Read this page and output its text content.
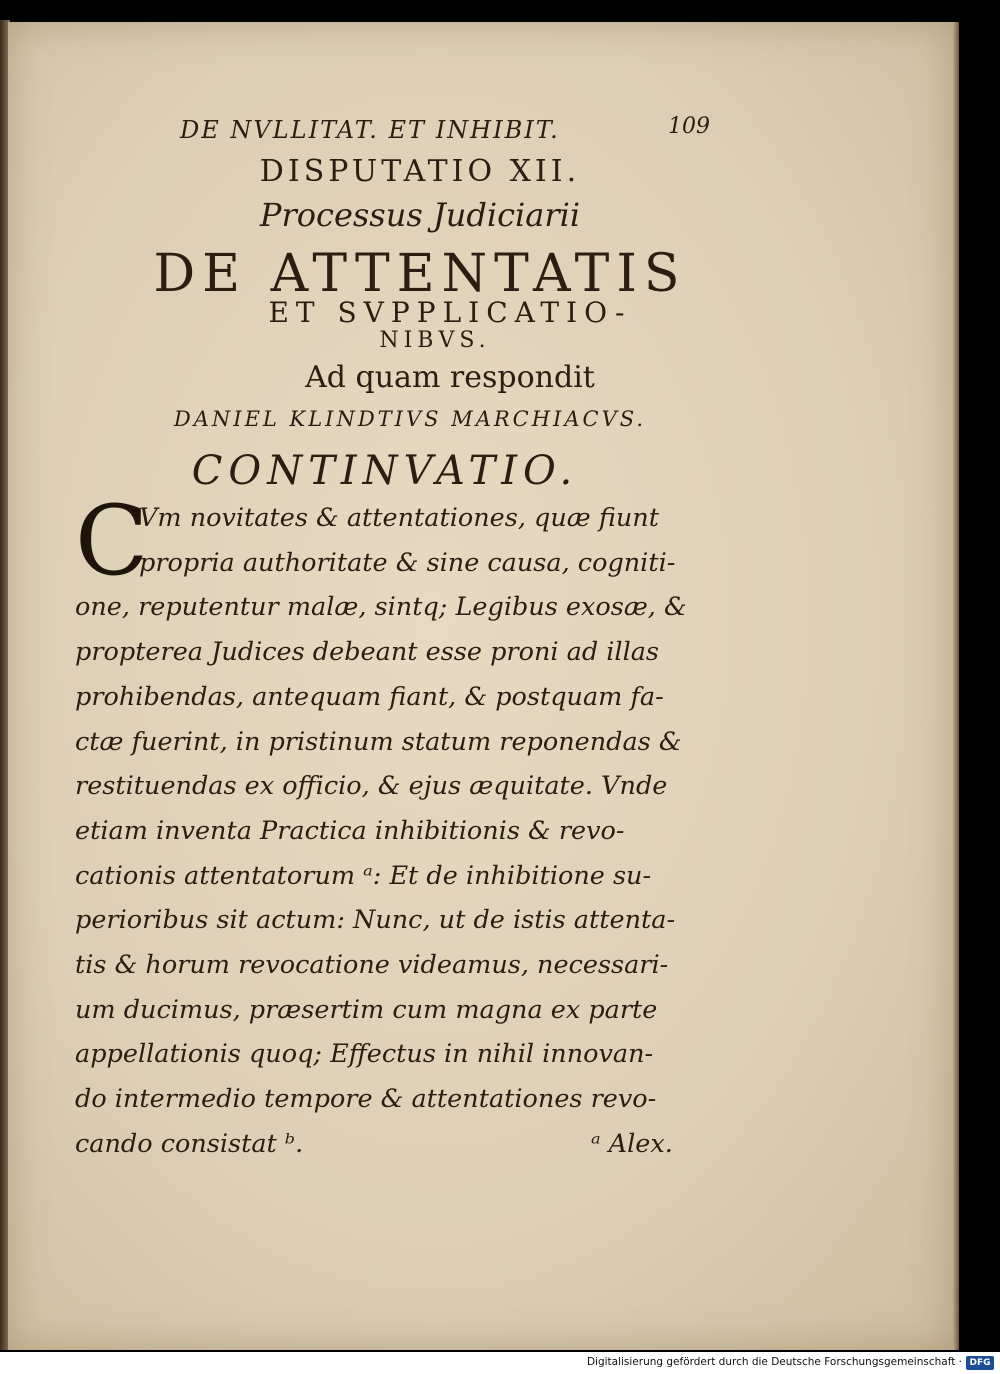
DE NVLLITAT. ET INHIBIT.	109
DISPUTATIO XII.
Processus Judiciarii
DE ATTENTATIS
ET SVPPLICATIO-
NIBVS.
Ad quam respondit
DANIEL KLINDTIVS MARCHIACVS.
CONTINVATIO.
C
Vm novitates & attentationes, quæ fiunt
propria authoritate & sine causa, cogniti-
one, reputentur malæ, sintq; Legibus exosæ, &
propterea Judices debeant esse proni ad illas
prohibendas, antequam fiant, & postquam fa-
ctæ fuerint, in pristinum statum reponendas &
restituendas ex officio, & ejus æquitate. Vnde
etiam inventa Practica inhibitionis & revo-
cationis attentatorum ᵃ: Et de inhibitione su-
perioribus sit actum: Nunc, ut de istis attenta-
tis & horum revocatione videamus, necessari-
um ducimus, præsertim cum magna ex parte
appellationis quoq; Effectus in nihil innovan-
do intermedio tempore & attentationes revo-
cando consistat ᵇ.	ᵃ Alex.
Digitalisierung gefördert durch die Deutsche Forschungsgemeinschaft · DFG
